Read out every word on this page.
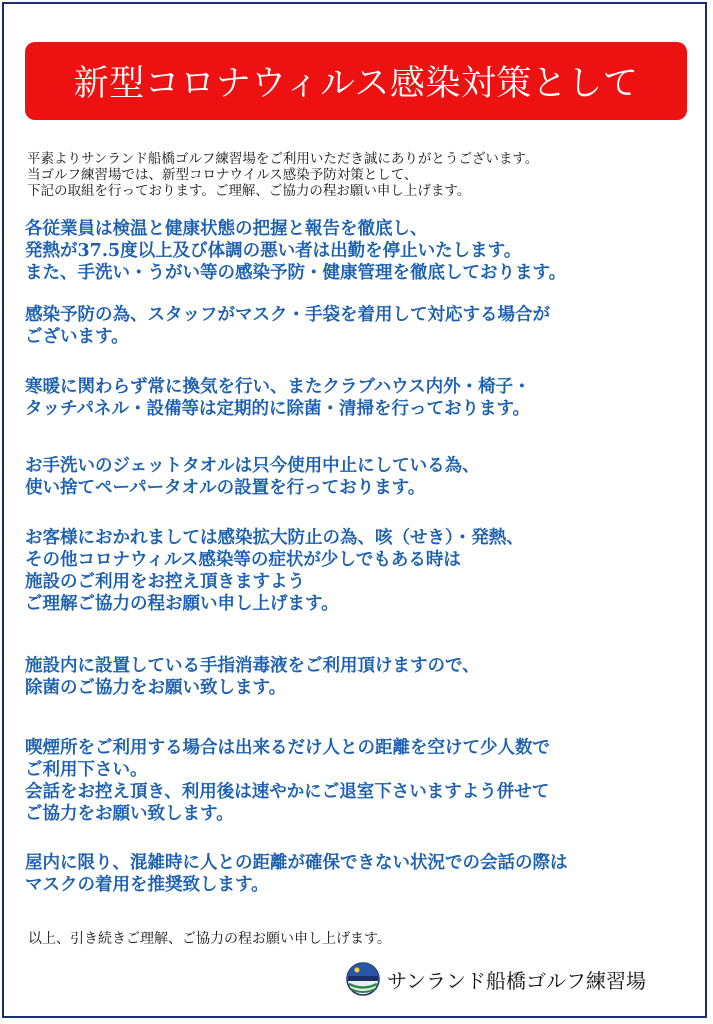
新型コロナウィルス感染対策として
平素よりサンランド船橋ゴルフ練習場をご利用いただき誠にありがとうございます。
当ゴルフ練習場では、新型コロナウイルス感染予防対策として、
下記の取組を行っております。ご理解、ご協力の程お願い申し上げます。
各従業員は検温と健康状態の把握と報告を徹底し、
発熱が37.5度以上及び体調の悪い者は出勤を停止いたします。
また、手洗い・うがい等の感染予防・健康管理を徹底しております。
感染予防の為、スタッフがマスク・手袋を着用して対応する場合が
ございます。
寒暖に関わらず常に換気を行い、またクラブハウス内外・椅子・
タッチパネル・設備等は定期的に除菌・清掃を行っております。
お手洗いのジェットタオルは只今使用中止にしている為、
使い捨てペーパータオルの設置を行っております。
お客様におかれましては感染拡大防止の為、咳（せき）・発熱、
その他コロナウィルス感染等の症状が少しでもある時は
施設のご利用をお控え頂きますよう
ご理解ご協力の程お願い申し上げます。
施設内に設置している手指消毒液をご利用頂けますので、
除菌のご協力をお願い致します。
喫煙所をご利用する場合は出来るだけ人との距離を空けて少人数で
ご利用下さい。
会話をお控え頂き、利用後は速やかにご退室下さいますよう併せて
ご協力をお願い致します。
屋内に限り、混雑時に人との距離が確保できない状況での会話の際は
マスクの着用を推奨致します。
以上、引き続きご理解、ご協力の程お願い申し上げます。
サンランド船橋ゴルフ練習場
